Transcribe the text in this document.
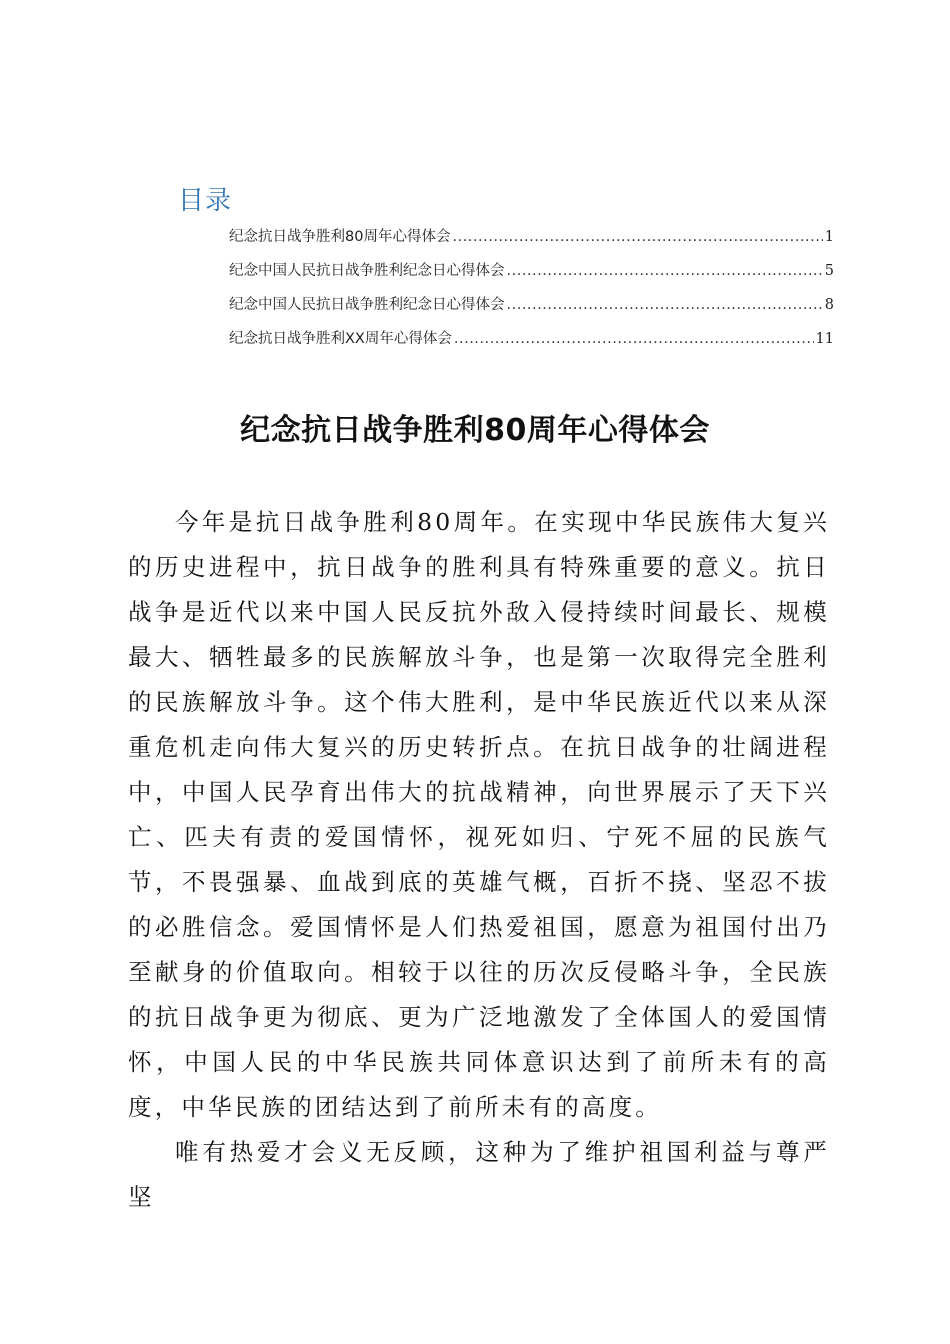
目录
纪念抗日战争胜利80周年心得体会 .....	1
纪念中国人民抗日战争胜利纪念日心得体会 .....	5
纪念中国人民抗日战争胜利纪念日心得体会 .....	8
纪念抗日战争胜利XX周年心得体会 .....	11
纪念抗日战争胜利80周年心得体会

今年是抗日战争胜利80周年。在实现中华民族伟大复兴的历史进程中，抗日战争的胜利具有特殊重要的意义。抗日战争是近代以来中国人民反抗外敌入侵持续时间最长、规模最大、牺牲最多的民族解放斗争，也是第一次取得完全胜利的民族解放斗争。这个伟大胜利，是中华民族近代以来从深重危机走向伟大复兴的历史转折点。在抗日战争的壮阔进程中，中国人民孕育出伟大的抗战精神，向世界展示了天下兴亡、匹夫有责的爱国情怀，视死如归、宁死不屈的民族气节，不畏强暴、血战到底的英雄气概，百折不挠、坚忍不拔的必胜信念。爱国情怀是人们热爱祖国，愿意为祖国付出乃至献身的价值取向。相较于以往的历次反侵略斗争，全民族的抗日战争更为彻底、更为广泛地激发了全体国人的爱国情怀，中国人民的中华民族共同体意识达到了前所未有的高度，中华民族的团结达到了前所未有的高度。

唯有热爱才会义无反顾，这种为了维护祖国利益与尊严坚
